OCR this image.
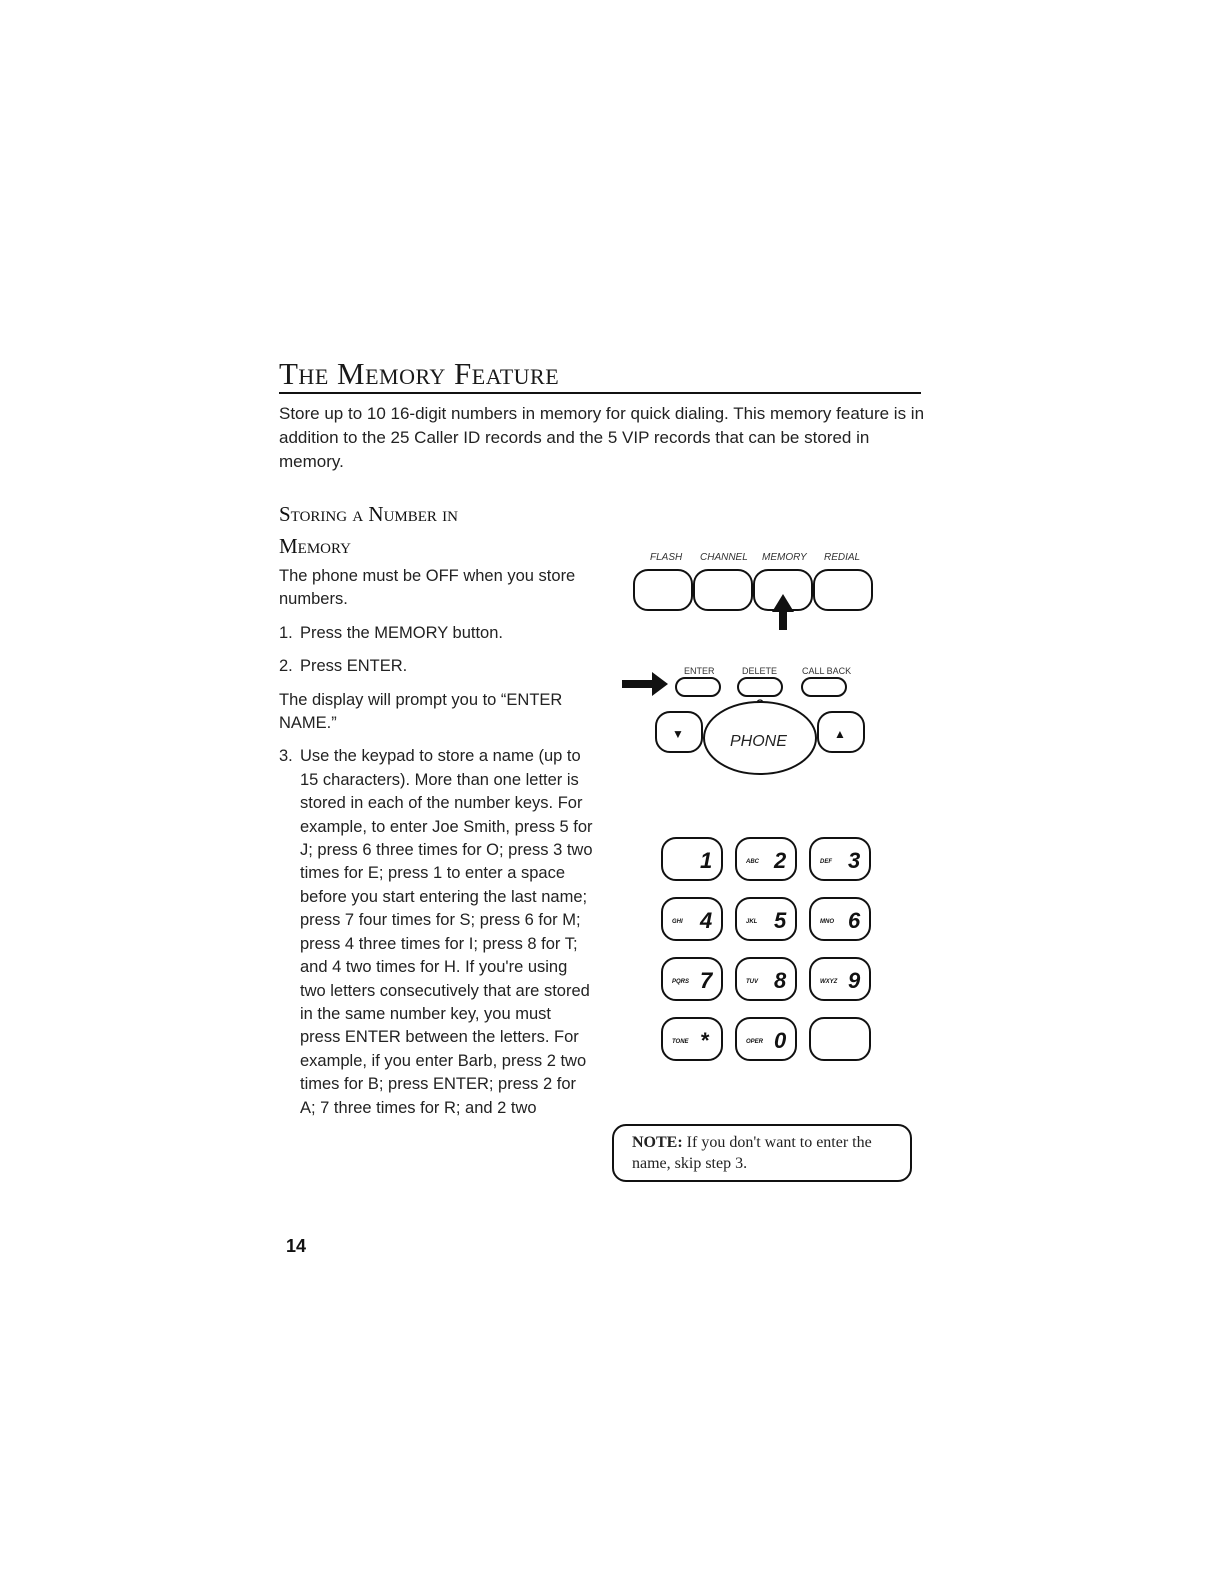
The Memory Feature
Store up to 10 16-digit numbers in memory for quick dialing. This memory feature is in addition to the 25 Caller ID records and the 5 VIP records that can be stored in memory.
Storing a Number in
Memory

The phone must be OFF when you store numbers.

1. Press the MEMORY button.
2. Press ENTER.

The display will prompt you to “ENTER NAME.”

3. Use the keypad to store a name (up to 15 characters). More than one letter is stored in each of the number keys. For example, to enter Joe Smith, press 5 for J; press 6 three times for O; press 3 two times for E; press 1 to enter a space before you start entering the last name; press 7 four times for S; press 6 for M; press 4 three times for I; press 8 for T; and 4 two times for H. If you're using two letters consecutively that are stored in the same number key, you must press ENTER between the letters. For example, if you enter Barb, press 2 two times for B; press ENTER; press 2 for A; 7 three times for R; and 2 two
FLASH CHANNEL MEMORY REDIAL
ENTER	DELETE	CALL BACK
▼	▲
PHONE
1	ABC 2	DEF 3
GHI 4	JKL 5	MNO 6
PQRS 7	TUV 8	WXYZ 9
TONE *	OPER 0
NOTE: If you don't want to enter the name, skip step 3.
14
